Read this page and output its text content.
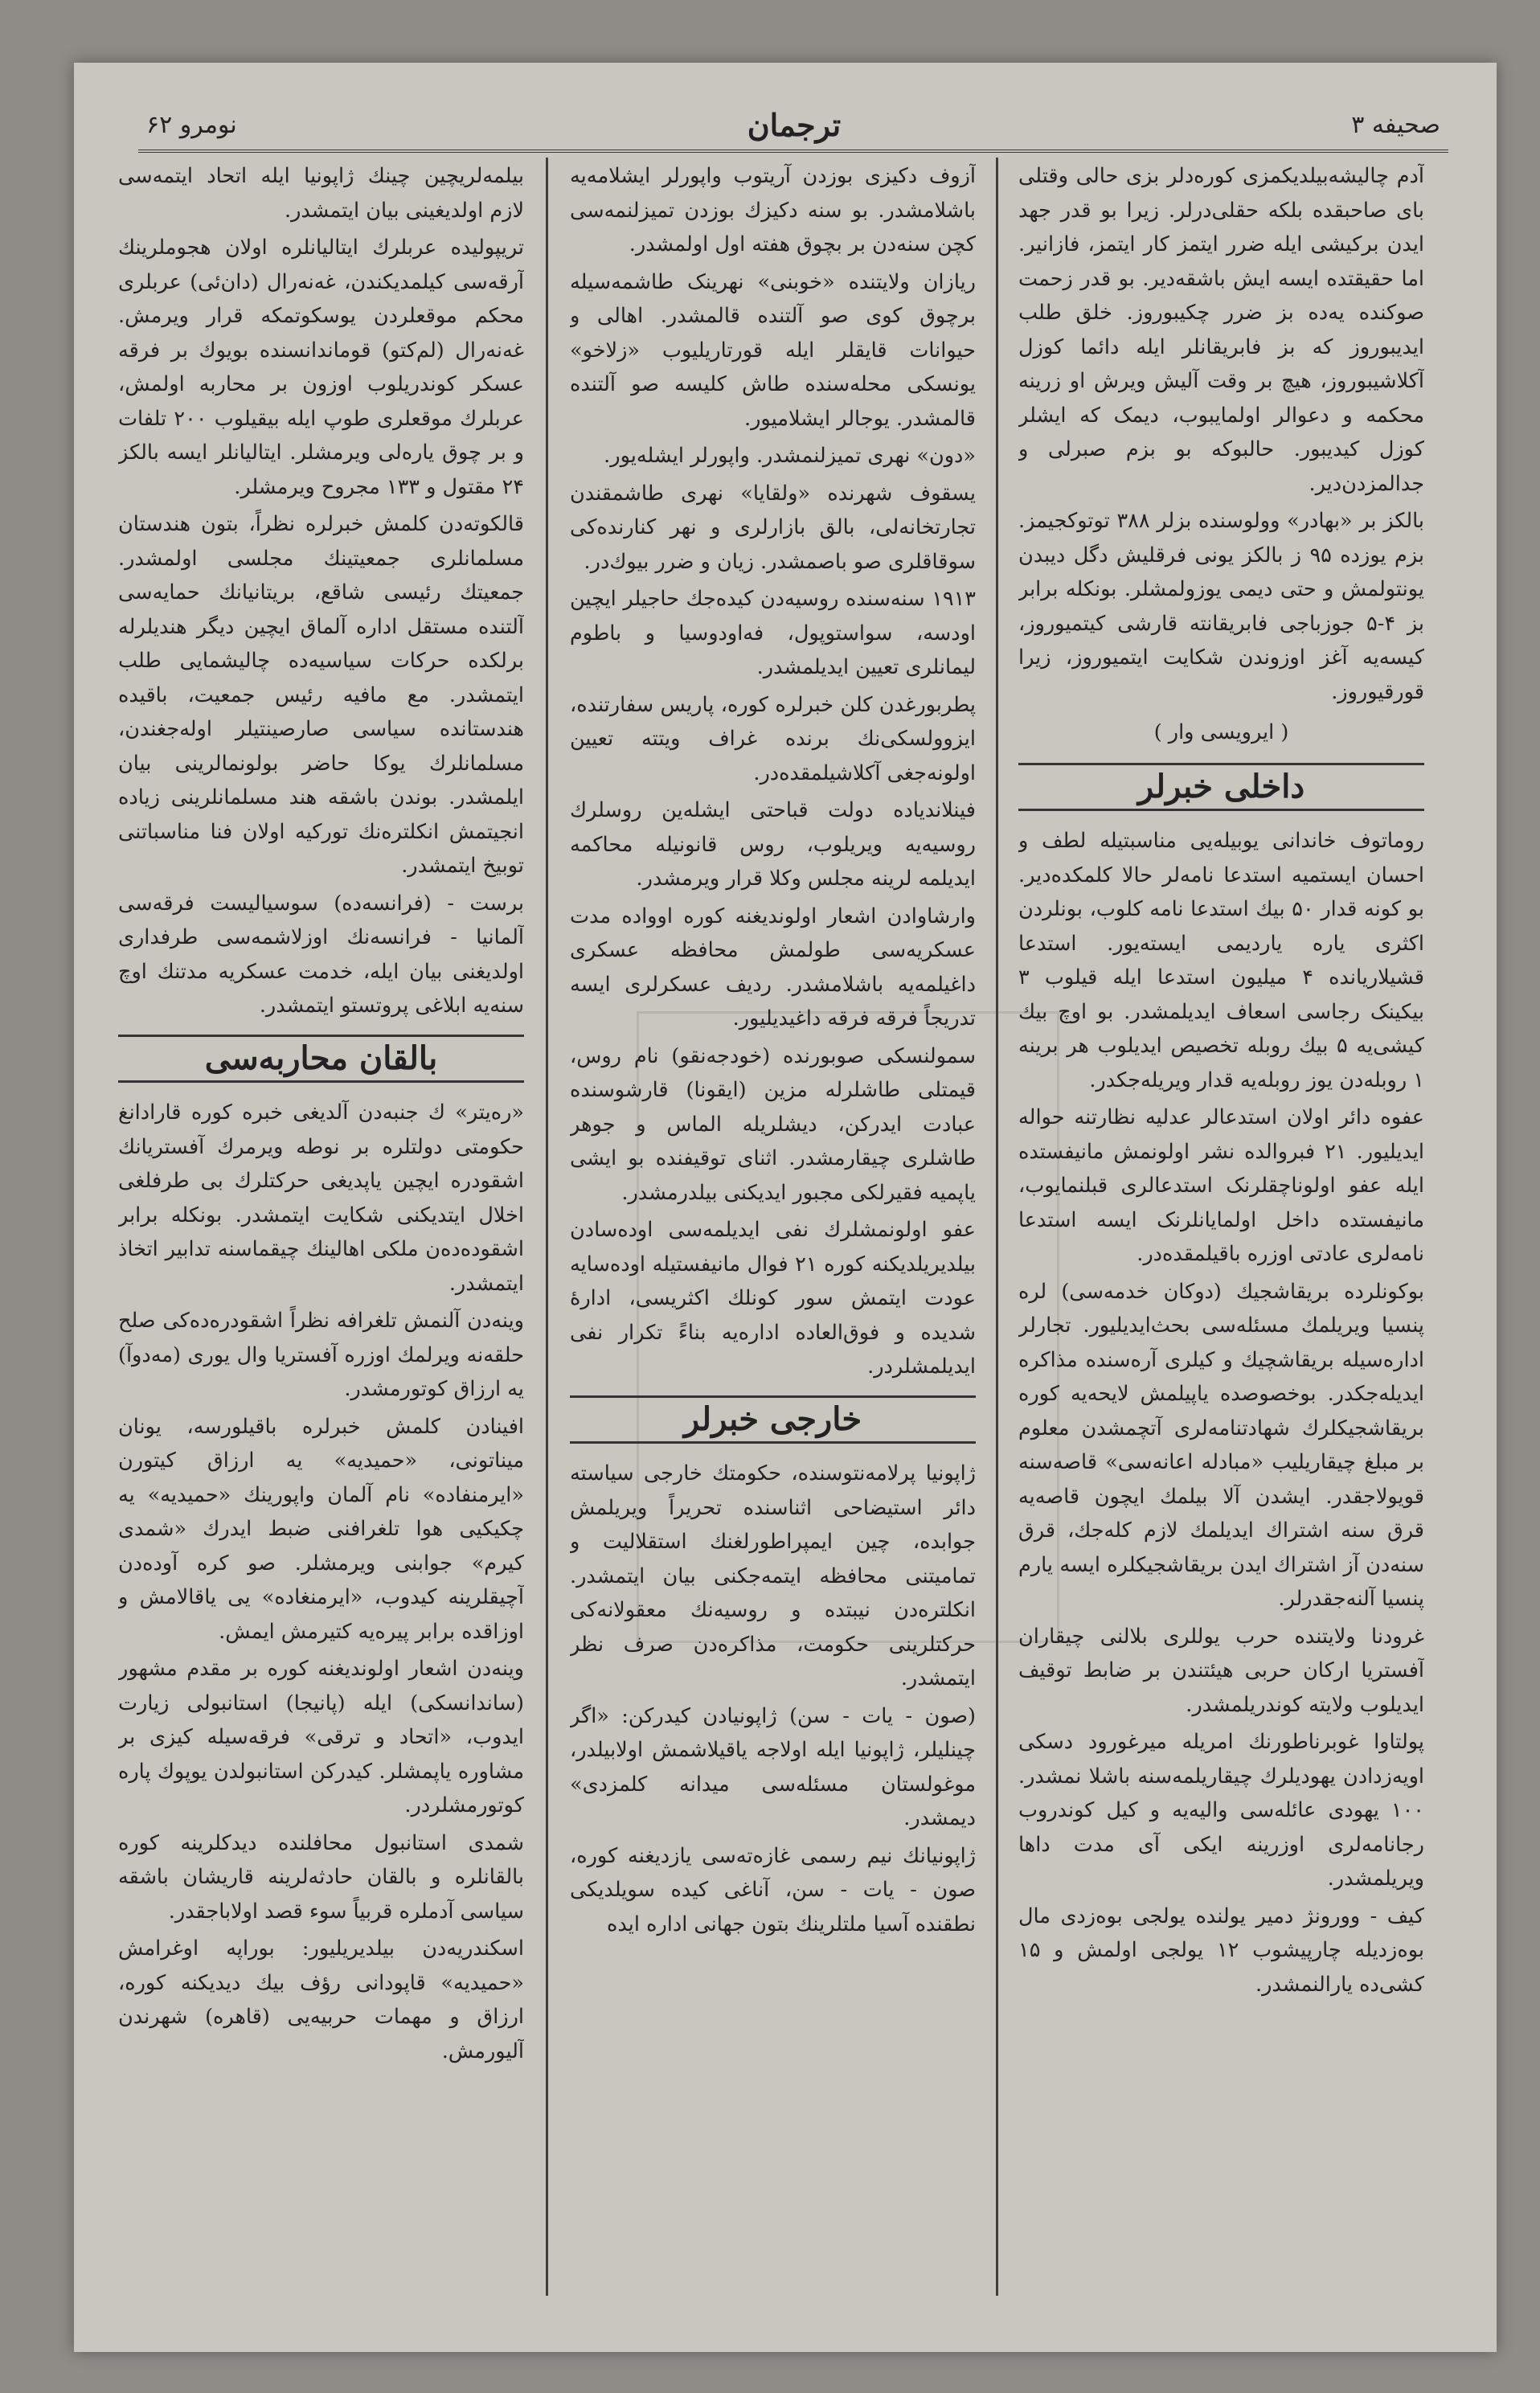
صحیفه ۳
ترجمان
نومرو ۶۲

آدم چالیشه‌بیلدیکمزی کوره‌دلر بزی حالی وقتلی بای صاحبقده بلکه حقلی‌درلر. زیرا بو قدر جهد ایدن برکیشی ایله ضرر ایتمز کار ایتمز، فازانیر. اما حقیقتده ایسه ایش باشقه‌دیر. بو قدر زحمت صوکنده یه‌ده بز ضرر چکیبوروز. خلق طلب ایدیبوروز که بز فابریقانلر ایله دائما کوزل آکلاشیبوروز، هیچ بر وقت آلیش ویرش او زرینه محکمه و دعوالر اولمایبوب، دیمک که ایشلر کوزل کیدیبور. حالبوکه بو بزم صبرلی و جدالمزدن‌دیر.

بالکز بر «بهادر» وولوسنده بزلر ۳۸۸ توتوکجیمز. بزم یوزده ۹۵ ز بالکز یونی فرقلیش دگل دیبدن یونتولمش و حتی دیمی یوزولمشلر. بونکله برابر بز ۴-۵ جوزباجی فابریقانته قارشی کیتمیوروز، کیسه‌یه آغز اوزوندن شکایت ایتمیوروز، زیرا قورقیوروز.

( ایرویسی وار )
داخلی خبرلر

روماتوف خاندانی یوبیله‌یی مناسبتیله لطف و احسان ایستمیه استدعا نامه‌لر حالا کلمکده‌دیر. بو کونه قدار ۵۰ بیك استدعا نامه کلوب، بونلردن اکثری یاره یاردیمی ایسته‌یور. استدعا قشیلاریانده ۴ میلیون استدعا ایله قیلوب ۳ بیکینک رجاسی اسعاف ایدیلمشدر. بو اوچ بیك کیشی‌یه ۵ بیك روبله تخصیص ایدیلوب هر برینه ۱ روبله‌دن یوز روبله‌یه قدار ویریله‌جکدر.

عفوه دائر اولان استدعالر عدلیه نظارتنه حواله ایدیلیور. ۲۱ فبروالده نشر اولونمش مانیفستده ایله عفو اولوناچقلرنک استدعالری قبلنمایوب، مانیفستده داخل اولمایانلرنک ایسه استدعا نامه‌لری عادتی اوزره باقیلمقده‌در.

بوکونلرده بریقاشجیك (دوکان خدمه‌سی) لره پنسیا ویریلمك مسئله‌سی بحث‌ایدیلیور. تجارلر اداره‌سیله بریقاشچیك و کیلری آره‌سنده مذاکره ایدیله‌جکدر. بوخصوصده یاپیلمش لایحه‌یه کوره بریقاشجیکلرك شهادتنامه‌لری آتچمشدن معلوم بر مبلغ چیقاریلیب «مبادله اعانه‌سی» قاصه‌سنه قویولاجقدر. ایشدن آلا بیلمك ایچون قاصه‌یه قرق سنه اشتراك ایدیلمك لازم کله‌جك، قرق سنه‌دن آز اشتراك ایدن بریقاشجیکلره ایسه یارم پنسیا آلنه‌جقدرلر.

غرودنا ولایتنده حرب یوللری بلالنی چیقاران آفستریا ارکان حربی هیئتندن بر ضابط توقیف ایدیلوب ولایته کوندریلمشدر.

پولتاوا غوبرناطورنك امریله میرغورود دسکی اویه‌زدادن یهودیلرك چیقاریلمه‌سنه باشلا نمشدر. ۱۰۰ یهودی عائله‌سی والیه‌یه و کیل کوندروب رجانامه‌لری اوزرینه ایکی آی مدت داها ویریلمشدر.

کیف - وورونژ دمیر یولنده یولجی بوه‌زدی مال بوه‌زدیله چارپیشوب ۱۲ یولجی اولمش و ۱۵ کشی‌ده یارالنمشدر.

آزوف دکیزی بوزدن آریتوب واپورلر ایشلامه‌یه باشلامشدر. بو سنه دکیزك بوزدن تمیزلنمه‌سی کچن سنه‌دن بر بچوق هفته اول اولمشدر.

ریازان ولایتنده «خوبنی» نهرینک طاشمه‌سیله برچوق کوی صو آلتنده قالمشدر. اهالی و حیوانات قایقلر ایله قورتاریلیوب «زلاخو» یونسکی محله‌سنده طاش کلیسه صو آلتنده قالمشدر. یوجالر ایشلامیور.

«دون» نهری تمیزلنمشدر. واپورلر ایشله‌یور.

یسقوف شهرنده «ولقایا» نهری طاشمقندن تجارتخانه‌لی، بالق بازارلری و نهر کنارنده‌کی سوقاقلری صو باصمشدر. زیان و ضرر بیوك‌در.

۱۹۱۳ سنه‌سنده روسیه‌دن کیده‌جك حاجیلر ایچین اودسه، سواستوپول، فه‌اودوسیا و باطوم لیمانلری تعیین ایدیلمشدر.

پطربورغدن کلن خبرلره کوره، پاریس سفارتنده، ایزوولسکی‌نك برنده غراف ویتته تعیین اولونه‌جغی آکلاشیلمقده‌در.

فینلاندیاده دولت قباحتی ایشله‌ین روسلرك روسیه‌یه ویریلوب، روس قانونیله محاکمه ایدیلمه لرینه مجلس وکلا قرار ویرمشدر.

وارشاوادن اشعار اولوندیغنه کوره اوواده مدت عسکریه‌سی طولمش محافظه عسکری داغیلمه‌یه باشلامشدر. ردیف عسکرلری ایسه تدریجاً فرقه فرقه داغیدیلیور.

سمولنسکی صوبورنده (خودجه‌نقو) نام روس، قیمتلی طاشلرله مزین (ایقونا) قارشوسنده عبادت ایدرکن، دیشلریله الماس و جوهر طاشلری چیقارمشدر. اثنای توقیفنده بو ایشی یاپمیه فقیرلکی مجبور ایدیکنی بیلدرمشدر.

عفو اولونمشلرك نفی ایدیلمه‌سی اوده‌سادن بیلدیریلدیکنه کوره ۲۱ فوال مانیفستیله اوده‌سایه عودت ایتمش سور کونلك اکثریسی، ادارهٔ شدیده و فوق‌العاده اداره‌یه بناءً تکرار نفی ایدیلمشلردر.

خارجی خبرلر

ژاپونیا پرلامه‌نتوسنده، حکومتك خارجی سیاسته دائر استیضاحی اثناسنده تحریراً ویریلمش جوابده، چین ایمپراطورلغنك استقلالیت و تمامیتنی محافظه ایتمه‌جکنی بیان ایتمشدر. انکلتره‌دن نیبتده و روسیه‌نك معقولانه‌کی حرکتلرینی حکومت، مذاکره‌دن صرف نظر ایتمشدر.

(صون - یات - سن) ژاپونیادن کیدرکن: «اگر چینلیلر، ژاپونیا ایله اولاجه یاقیلاشمش اولابیلدر، موغولستان مسئله‌سی میدانه کلمزدی» دیمشدر.

ژاپونیانك نیم رسمی غازه‌ته‌سی یازدیغنه کوره، صون - یات - سن، آناغی کیده سویلدیکی نطقنده آسیا ملتلرینك بتون جهانی اداره ایده

بیلمه‌لریچین چینك ژاپونیا ایله اتحاد ایتمه‌سی لازم اولدیغینی بیان ایتمشدر.

تریپولیده عربلرك ایتالیانلره اولان هجوملرینك آرقه‌سی کیلمدیکندن، غه‌نه‌رال (دان‌ئی) عربلری محکم موقعلردن یوسکوتمکه قرار ویرمش. غه‌نه‌رال (لم‌کتو) قوماندانسنده بویوك بر فرقه عسکر کوندریلوب اوزون بر محاربه اولمش، عربلرك موقعلری طوپ ایله بیقیلوب ۲۰۰ تلفات و بر چوق یاره‌لی ویرمشلر. ایتالیانلر ایسه بالکز ۲۴ مقتول و ۱۳۳ مجروح ویرمشلر.

قالکوته‌دن کلمش خبرلره نظراً، بتون هندستان مسلمانلری جمعیتینك مجلسی اولمشدر. جمعیتك رئیسی شاقع، بریتانیانك حمایه‌سی آلتنده مستقل اداره آلماق ایچین دیگر هندیلرله برلکده حرکات سیاسیه‌ده چالیشمایی طلب ایتمشدر. مع مافیه رئیس جمعیت، باقیده هندستانده سیاسی صارصینتیلر اوله‌جغندن، مسلمانلرك یوکا حاضر بولونمالرینی بیان ایلمشدر. بوندن باشقه هند مسلمانلرینی زیاده انجیتمش انکلتره‌نك تورکیه اولان فنا مناسباتنی توبیخ ایتمشدر.

برست - (فرانسه‌ده) سوسیالیست فرقه‌سی آلمانیا - فرانسه‌نك اوزلاشمه‌سی طرفداری اولدیغنی بیان ایله، خدمت عسکریه مدتنك اوچ سنه‌یه ابلاغی پروتستو ایتمشدر.

بالقان محاربه‌سی

«ره‌یتر» ك جنبه‌دن آلدیغی خبره کوره قارادانغ حکومتی دولتلره بر نوطه ویرمرك آفستریانك اشقودره ایچین یاپدیغی حرکتلرك بی طرفلغی اخلال ایتدیکنی شکایت ایتمشدر. بونکله برابر اشقوده‌ده‌ن ملکی اهالینك چیقماسنه تدابیر اتخاذ ایتمشدر.

وینه‌دن آلنمش تلغرافه نظراً اشقودره‌ده‌کی صلح حلقه‌نه ویرلمك اوزره آفستریا وال یوری (مه‌دوآ) یه ارزاق کوتورمشدر.

افینادن کلمش خبرلره باقیلورسه، یونان میناتونی، «حمیدیه» یه ارزاق کیتورن «ایرمنفاده» نام آلمان واپورینك «حمیدیه» یه چکیکیی هوا تلغرافنی ضبط ایدرك «شمدی کیرم» جوابنی ویرمشلر. صو کره آوده‌دن آچیقلرینه کیدوب، «ایرمنغاده» یی یاقالامش و اوزاقده برابر پیره‌یه کتیرمش ایمش.

وینه‌دن اشعار اولوندیغنه کوره بر مقدم مشهور (ساندانسکی) ایله (پانیجا) استانبولی زیارت ایدوب، «اتحاد و ترقی» فرقه‌سیله کیزی بر مشاوره یاپمشلر. کیدرکن استانبولدن یوپوك پاره کوتورمشلردر.

شمدی استانبول محافلنده دیدکلرینه کوره بالقانلره و بالقان حادثه‌لرینه قاریشان باشقه سیاسی آدملره قربیاً سوء قصد اولاباجقدر.

اسکندریه‌دن بیلدیریلیور: بوراپه اوغرامش «حمیدیه» قاپودانی رؤف بیك دیدیکنه کوره، ارزاق و مهمات حربیه‌یی (قاهره) شهرندن آلیورمش.
